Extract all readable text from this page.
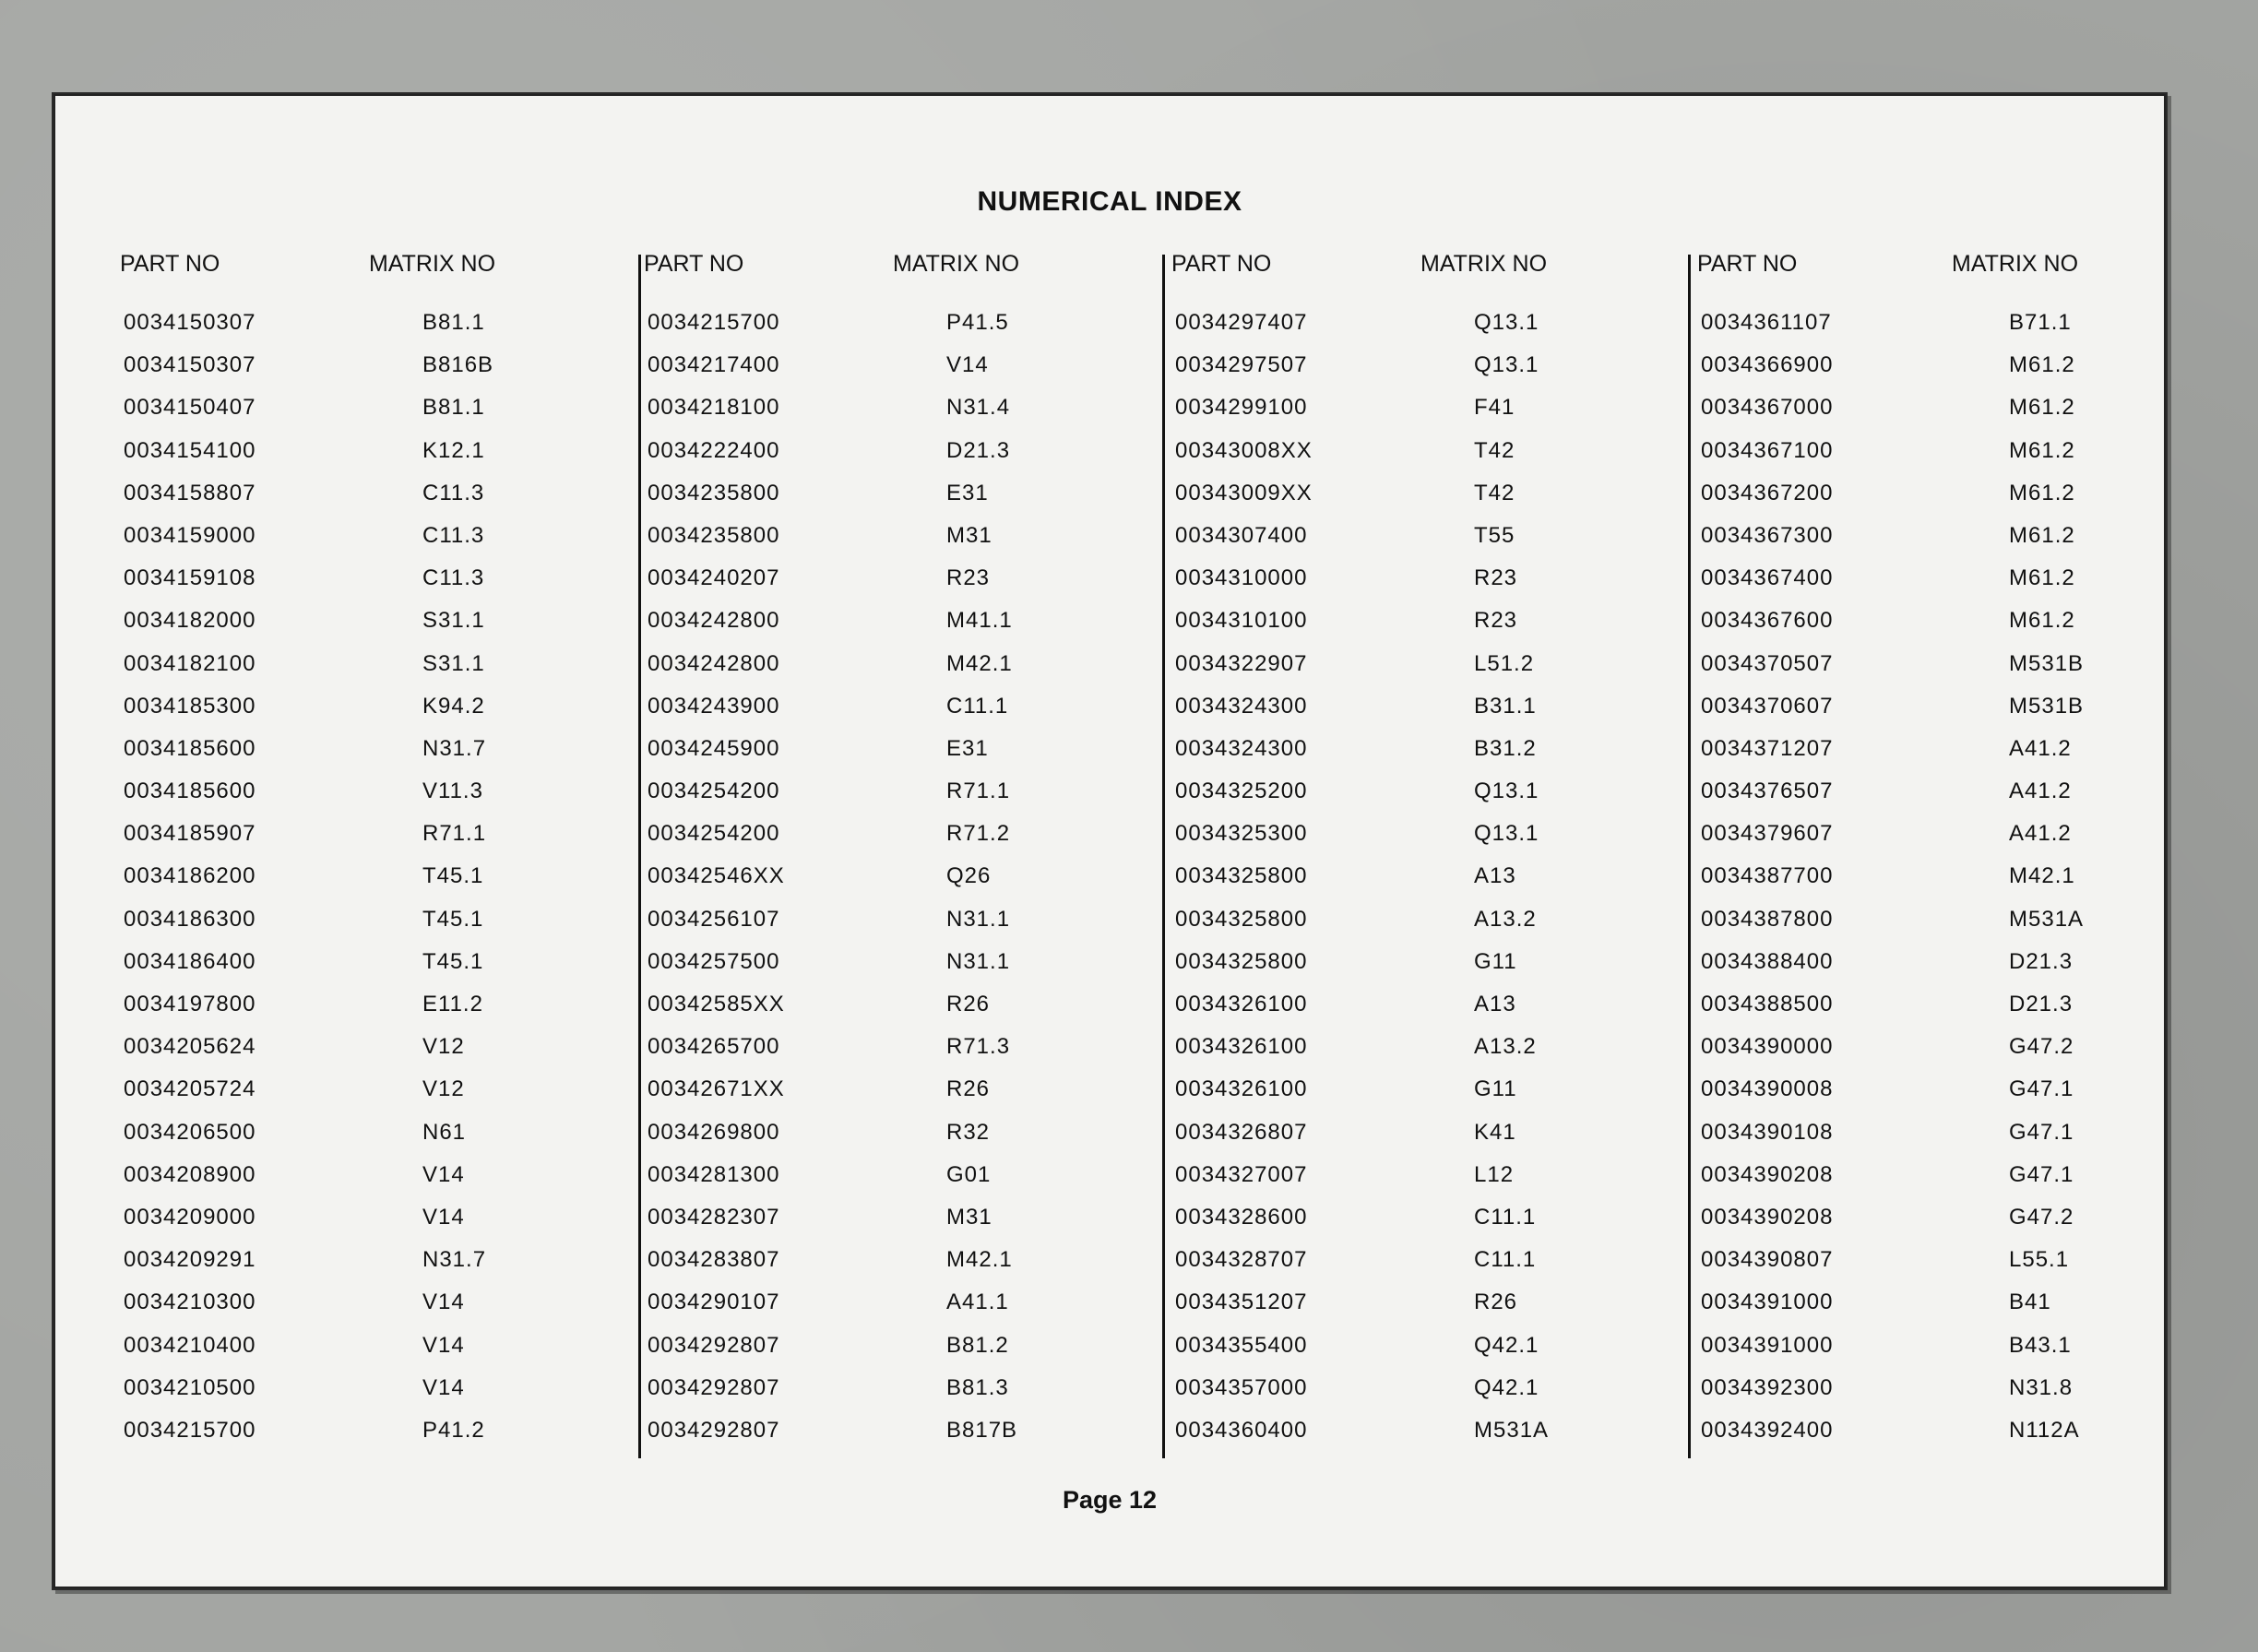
NUMERICAL INDEX
PART NO	MATRIX NO
0034150307	B81.1
0034150307	B816B
0034150407	B81.1
0034154100	K12.1
0034158807	C11.3
0034159000	C11.3
0034159108	C11.3
0034182000	S31.1
0034182100	S31.1
0034185300	K94.2
0034185600	N31.7
0034185600	V11.3
0034185907	R71.1
0034186200	T45.1
0034186300	T45.1
0034186400	T45.1
0034197800	E11.2
0034205624	V12
0034205724	V12
0034206500	N61
0034208900	V14
0034209000	V14
0034209291	N31.7
0034210300	V14
0034210400	V14
0034210500	V14
0034215700	P41.2
PART NO	MATRIX NO
0034215700	P41.5
0034217400	V14
0034218100	N31.4
0034222400	D21.3
0034235800	E31
0034235800	M31
0034240207	R23
0034242800	M41.1
0034242800	M42.1
0034243900	C11.1
0034245900	E31
0034254200	R71.1
0034254200	R71.2
00342546XX	Q26
0034256107	N31.1
0034257500	N31.1
00342585XX	R26
0034265700	R71.3
00342671XX	R26
0034269800	R32
0034281300	G01
0034282307	M31
0034283807	M42.1
0034290107	A41.1
0034292807	B81.2
0034292807	B81.3
0034292807	B817B
PART NO	MATRIX NO
0034297407	Q13.1
0034297507	Q13.1
0034299100	F41
00343008XX	T42
00343009XX	T42
0034307400	T55
0034310000	R23
0034310100	R23
0034322907	L51.2
0034324300	B31.1
0034324300	B31.2
0034325200	Q13.1
0034325300	Q13.1
0034325800	A13
0034325800	A13.2
0034325800	G11
0034326100	A13
0034326100	A13.2
0034326100	G11
0034326807	K41
0034327007	L12
0034328600	C11.1
0034328707	C11.1
0034351207	R26
0034355400	Q42.1
0034357000	Q42.1
0034360400	M531A
PART NO	MATRIX NO
0034361107	B71.1
0034366900	M61.2
0034367000	M61.2
0034367100	M61.2
0034367200	M61.2
0034367300	M61.2
0034367400	M61.2
0034367600	M61.2
0034370507	M531B
0034370607	M531B
0034371207	A41.2
0034376507	A41.2
0034379607	A41.2
0034387700	M42.1
0034387800	M531A
0034388400	D21.3
0034388500	D21.3
0034390000	G47.2
0034390008	G47.1
0034390108	G47.1
0034390208	G47.1
0034390208	G47.2
0034390807	L55.1
0034391000	B41
0034391000	B43.1
0034392300	N31.8
0034392400	N112A
Page 12
